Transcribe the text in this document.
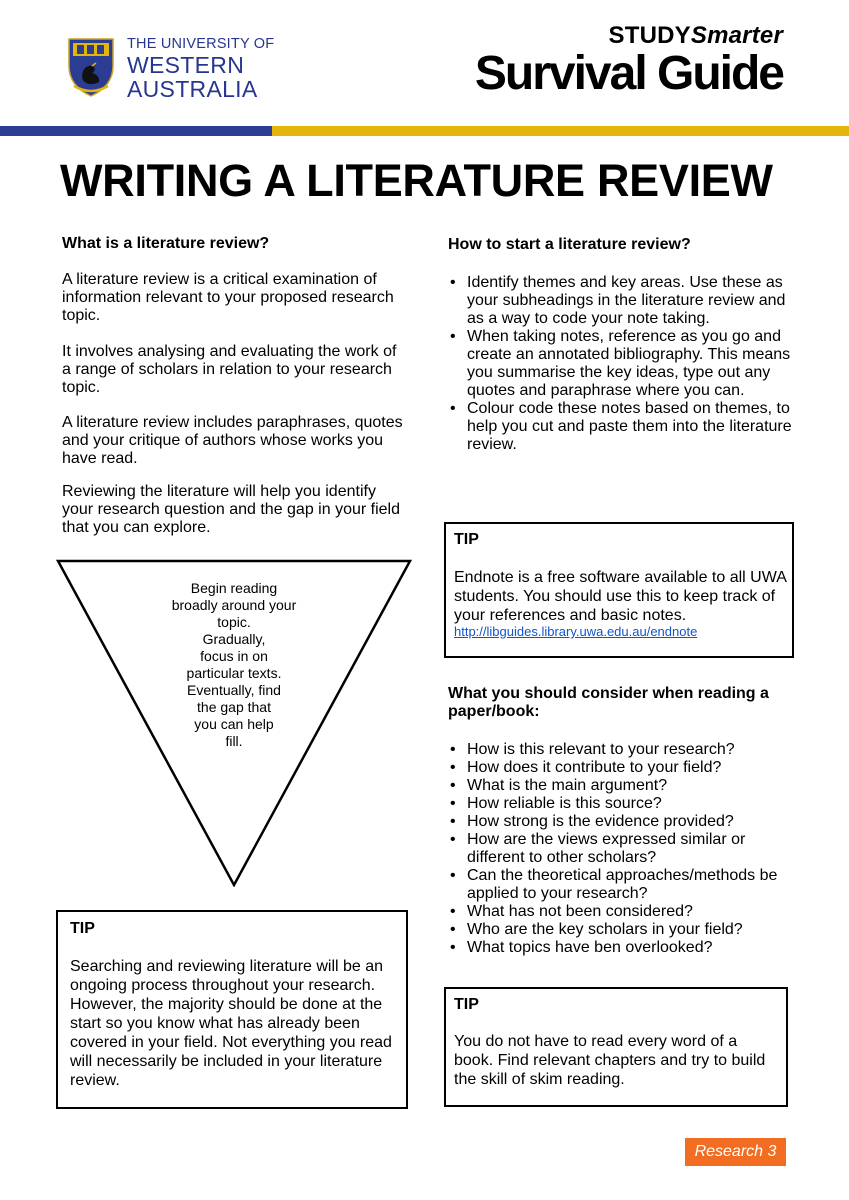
THE UNIVERSITY OF
WESTERN
AUSTRALIA
STUDYSmarter
Survival Guide
WRITING A LITERATURE REVIEW
What is a literature review?
A literature review is a critical examination of information relevant to your proposed research topic.
It involves analysing and evaluating the work of a range of scholars in relation to your research topic.
A literature review includes paraphrases, quotes and your critique of authors whose works you have read.
Reviewing the literature will help you identify your research question and the gap in your field that you can explore.
Begin reading broadly around your topic.
Gradually, focus in on particular texts.
Eventually, find the gap that you can help fill.
TIP
Searching and reviewing literature will be an ongoing process throughout your research. However, the majority should be done at the start so you know what has already been covered in your field. Not everything you read will necessarily be included in your literature review.
How to start a literature review?
• Identify themes and key areas. Use these as your subheadings in the literature review and as a way to code your note taking.
• When taking notes, reference as you go and create an annotated bibliography. This means you summarise the key ideas, type out any quotes and paraphrase where you can.
• Colour code these notes based on themes, to help you cut and paste them into the literature review.
TIP
Endnote is a free software available to all UWA students. You should use this to keep track of your references and basic notes.
http://libguides.library.uwa.edu.au/endnote
What you should consider when reading a paper/book:
• How is this relevant to your research?
• How does it contribute to your field?
• What is the main argument?
• How reliable is this source?
• How strong is the evidence provided?
• How are the views expressed similar or different to other scholars?
• Can the theoretical approaches/methods be applied to your research?
• What has not been considered?
• Who are the key scholars in your field?
• What topics have ben overlooked?
TIP
You do not have to read every word of a book. Find relevant chapters and try to build the skill of skim reading.
Research 3
